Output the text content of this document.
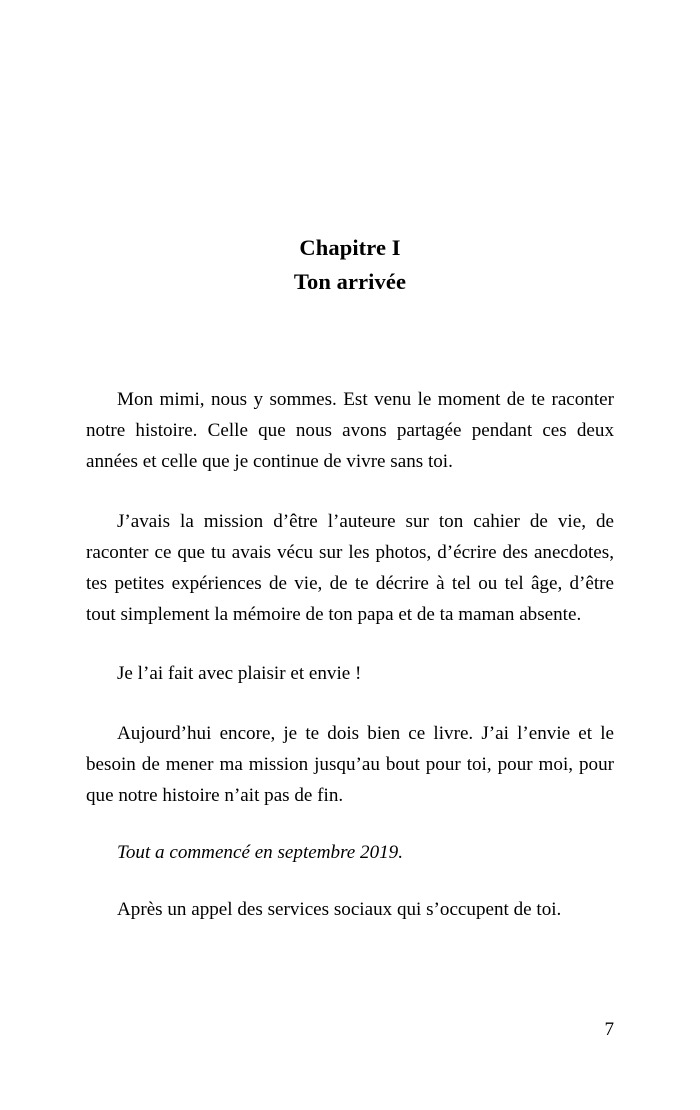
Chapitre I
Ton arrivée

Mon mimi, nous y sommes. Est venu le moment de te raconter notre histoire. Celle que nous avons partagée pendant ces deux années et celle que je continue de vivre sans toi.

J’avais la mission d’être l’auteure sur ton cahier de vie, de raconter ce que tu avais vécu sur les photos, d’écrire des anecdotes, tes petites expériences de vie, de te décrire à tel ou tel âge, d’être tout simplement la mémoire de ton papa et de ta maman absente.

Je l’ai fait avec plaisir et envie !

Aujourd’hui encore, je te dois bien ce livre. J’ai l’envie et le besoin de mener ma mission jusqu’au bout pour toi, pour moi, pour que notre histoire n’ait pas de fin.

Tout a commencé en septembre 2019.

Après un appel des services sociaux qui s’occupent de toi.

7
